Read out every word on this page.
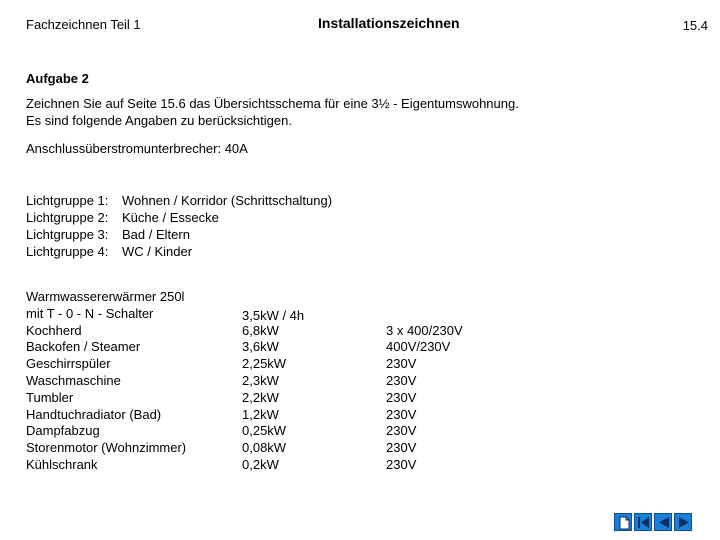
Fachzeichnen Teil 1	Installationszeichnen	15.4
Aufgabe 2
Zeichnen Sie auf Seite 15.6 das Übersichtsschema für eine 3½ - Eigentumswohnung.
Es sind folgende Angaben zu berücksichtigen.
Anschlussüberstromunterbrecher: 40A
Lichtgruppe 1: Wohnen / Korridor (Schrittschaltung)
Lichtgruppe 2: Küche / Essecke
Lichtgruppe 3: Bad / Eltern
Lichtgruppe 4: WC / Kinder
Warmwassererwärmer 250l
mit T - 0 - N - Schalter	3,5kW / 4h
Kochherd	6,8kW	3 x 400/230V
Backofen / Steamer	3,6kW	400V/230V
Geschirrspüler	2,25kW	230V
Waschmaschine	2,3kW	230V
Tumbler	2,2kW	230V
Handtuchradiator (Bad)	1,2kW	230V
Dampfabzug	0,25kW	230V
Storenmotor (Wohnzimmer)	0,08kW	230V
Kühlschrank	0,2kW	230V
